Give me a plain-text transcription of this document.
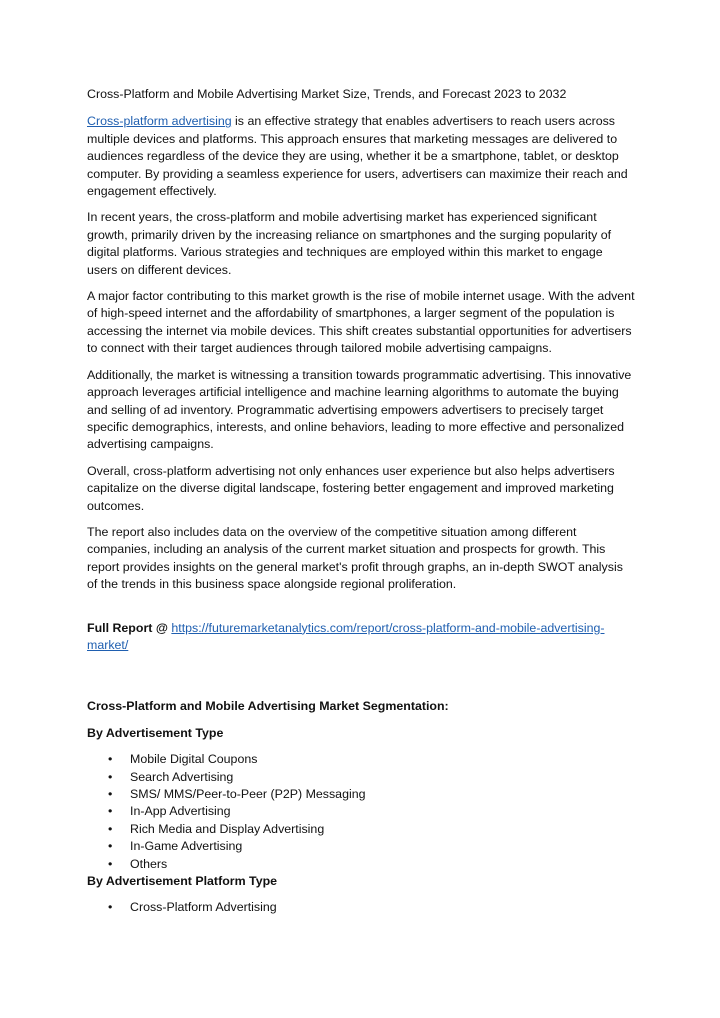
Cross-Platform and Mobile Advertising Market Size, Trends, and Forecast 2023 to 2032

Cross-platform advertising is an effective strategy that enables advertisers to reach users across multiple devices and platforms. This approach ensures that marketing messages are delivered to audiences regardless of the device they are using, whether it be a smartphone, tablet, or desktop computer. By providing a seamless experience for users, advertisers can maximize their reach and engagement effectively.

In recent years, the cross-platform and mobile advertising market has experienced significant growth, primarily driven by the increasing reliance on smartphones and the surging popularity of digital platforms. Various strategies and techniques are employed within this market to engage users on different devices.

A major factor contributing to this market growth is the rise of mobile internet usage. With the advent of high-speed internet and the affordability of smartphones, a larger segment of the population is accessing the internet via mobile devices. This shift creates substantial opportunities for advertisers to connect with their target audiences through tailored mobile advertising campaigns.

Additionally, the market is witnessing a transition towards programmatic advertising. This innovative approach leverages artificial intelligence and machine learning algorithms to automate the buying and selling of ad inventory. Programmatic advertising empowers advertisers to precisely target specific demographics, interests, and online behaviors, leading to more effective and personalized advertising campaigns.

Overall, cross-platform advertising not only enhances user experience but also helps advertisers capitalize on the diverse digital landscape, fostering better engagement and improved marketing outcomes.

The report also includes data on the overview of the competitive situation among different companies, including an analysis of the current market situation and prospects for growth. This report provides insights on the general market's profit through graphs, an in-depth SWOT analysis of the trends in this business space alongside regional proliferation.

Full Report @ https://futuremarketanalytics.com/report/cross-platform-and-mobile-advertising-market/

Cross-Platform and Mobile Advertising Market Segmentation:

By Advertisement Type

• Mobile Digital Coupons
• Search Advertising
• SMS/ MMS/Peer-to-Peer (P2P) Messaging
• In-App Advertising
• Rich Media and Display Advertising
• In-Game Advertising
• Others

By Advertisement Platform Type

• Cross-Platform Advertising
